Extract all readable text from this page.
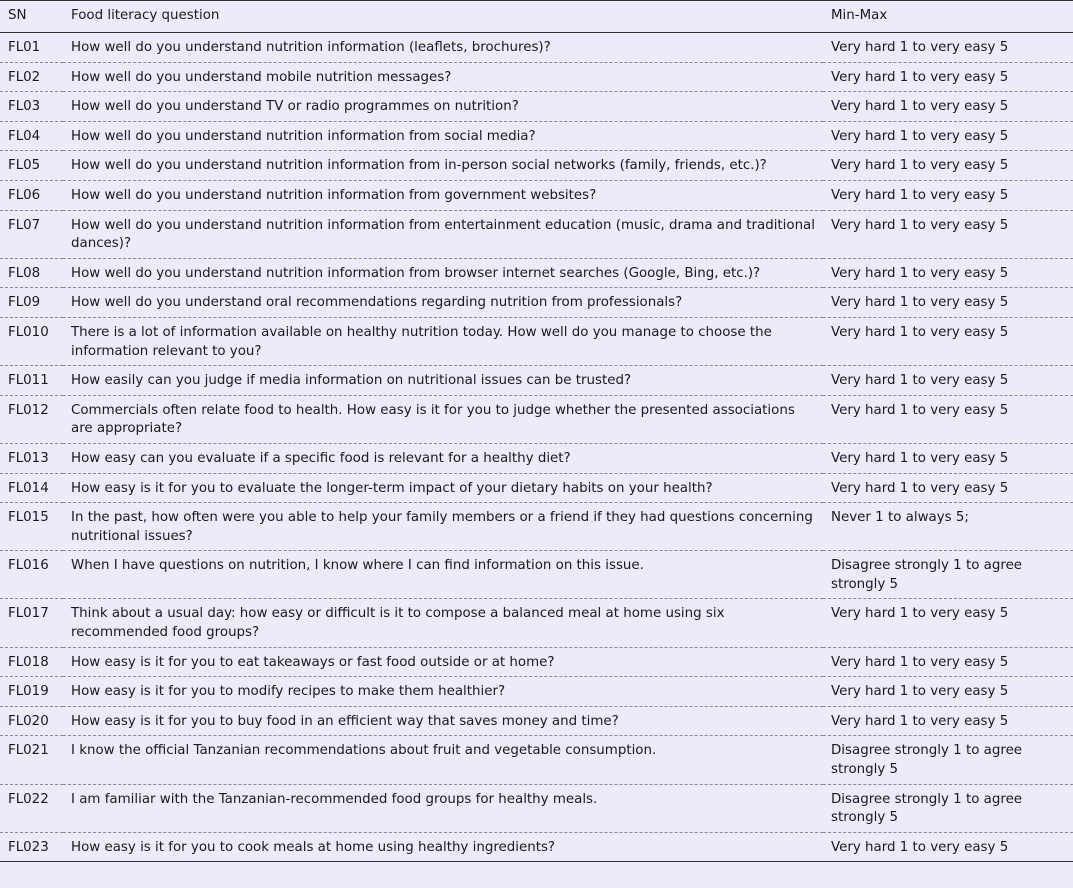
SN	Food literacy question	Min-Max
FL01	How well do you understand nutrition information (leaflets, brochures)?	Very hard 1 to very easy 5
FL02	How well do you understand mobile nutrition messages?	Very hard 1 to very easy 5
FL03	How well do you understand TV or radio programmes on nutrition?	Very hard 1 to very easy 5
FL04	How well do you understand nutrition information from social media?	Very hard 1 to very easy 5
FL05	How well do you understand nutrition information from in-person social networks (family, friends, etc.)?	Very hard 1 to very easy 5
FL06	How well do you understand nutrition information from government websites?	Very hard 1 to very easy 5
FL07	How well do you understand nutrition information from entertainment education (music, drama and traditional dances)?	Very hard 1 to very easy 5
FL08	How well do you understand nutrition information from browser internet searches (Google, Bing, etc.)?	Very hard 1 to very easy 5
FL09	How well do you understand oral recommendations regarding nutrition from professionals?	Very hard 1 to very easy 5
FL010	There is a lot of information available on healthy nutrition today. How well do you manage to choose the information relevant to you?	Very hard 1 to very easy 5
FL011	How easily can you judge if media information on nutritional issues can be trusted?	Very hard 1 to very easy 5
FL012	Commercials often relate food to health. How easy is it for you to judge whether the presented associations are appropriate?	Very hard 1 to very easy 5
FL013	How easy can you evaluate if a specific food is relevant for a healthy diet?	Very hard 1 to very easy 5
FL014	How easy is it for you to evaluate the longer-term impact of your dietary habits on your health?	Very hard 1 to very easy 5
FL015	In the past, how often were you able to help your family members or a friend if they had questions concerning nutritional issues?	Never 1 to always 5;
FL016	When I have questions on nutrition, I know where I can find information on this issue.	Disagree strongly 1 to agree strongly 5
FL017	Think about a usual day: how easy or difficult is it to compose a balanced meal at home using six recommended food groups?	Very hard 1 to very easy 5
FL018	How easy is it for you to eat takeaways or fast food outside or at home?	Very hard 1 to very easy 5
FL019	How easy is it for you to modify recipes to make them healthier?	Very hard 1 to very easy 5
FL020	How easy is it for you to buy food in an efficient way that saves money and time?	Very hard 1 to very easy 5
FL021	I know the official Tanzanian recommendations about fruit and vegetable consumption.	Disagree strongly 1 to agree strongly 5
FL022	I am familiar with the Tanzanian-recommended food groups for healthy meals.	Disagree strongly 1 to agree strongly 5
FL023	How easy is it for you to cook meals at home using healthy ingredients?	Very hard 1 to very easy 5
